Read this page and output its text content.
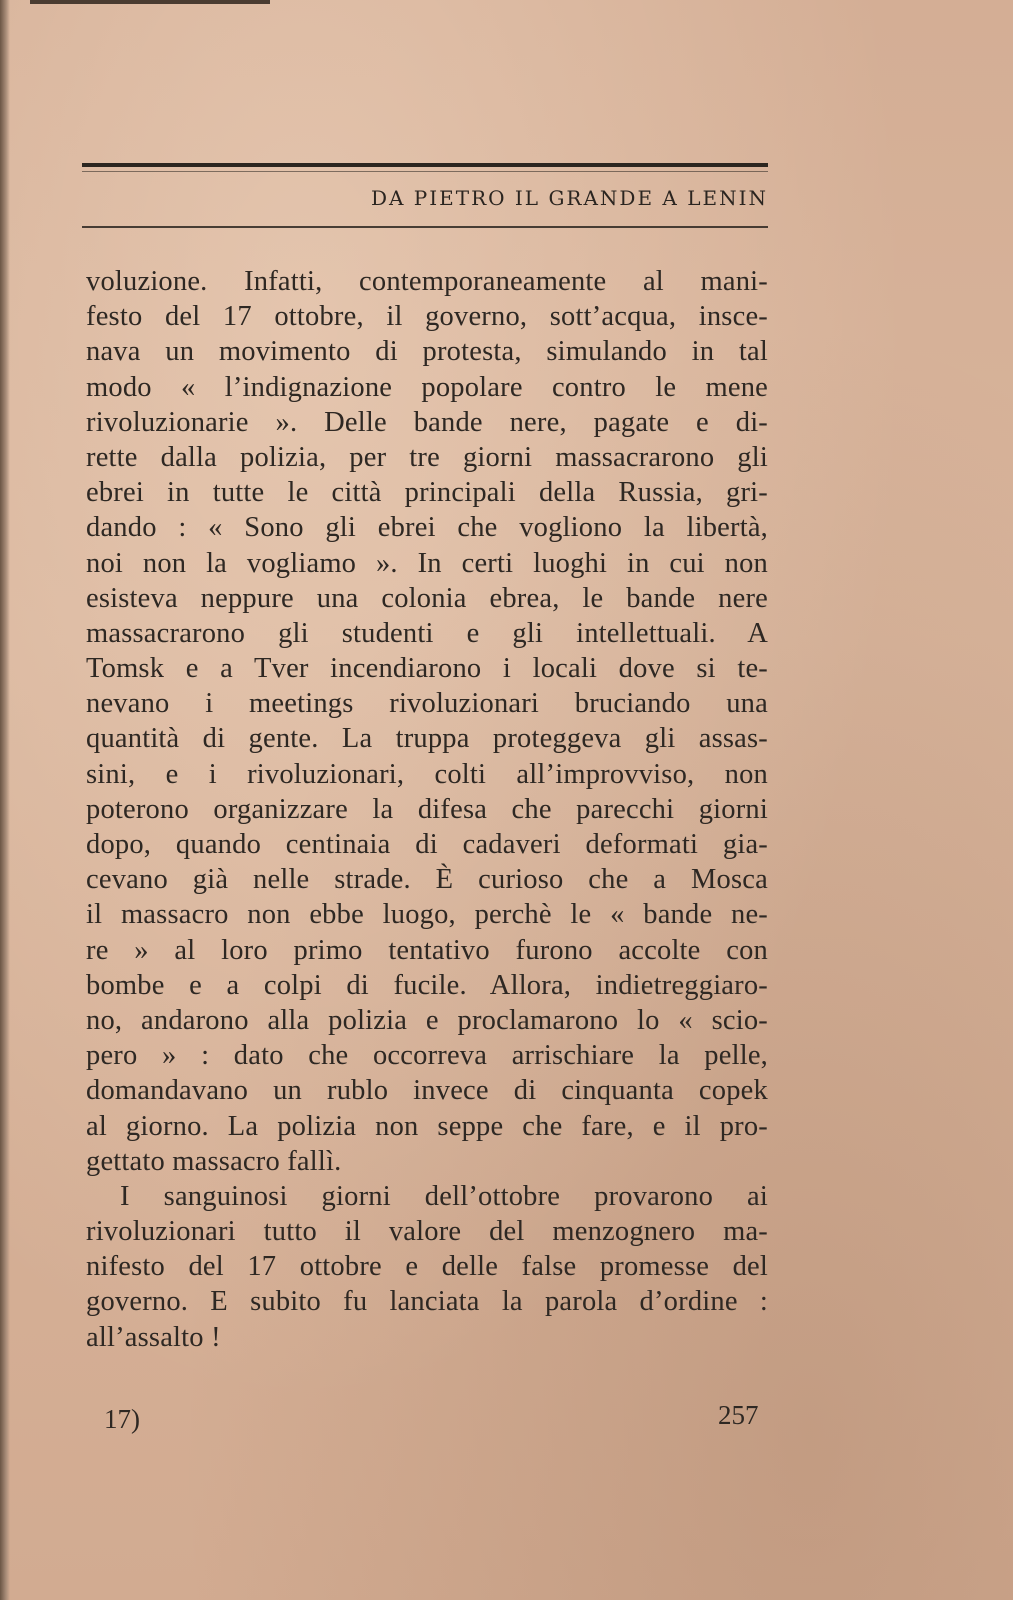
DA PIETRO IL GRANDE A LENIN
voluzione. Infatti, contemporaneamente al mani-
festo del 17 ottobre, il governo, sott’acqua, insce-
nava un movimento di protesta, simulando in tal
modo « l’indignazione popolare contro le mene
rivoluzionarie ». Delle bande nere, pagate e di-
rette dalla polizia, per tre giorni massacrarono gli
ebrei in tutte le città principali della Russia, gri-
dando : « Sono gli ebrei che vogliono la libertà,
noi non la vogliamo ». In certi luoghi in cui non
esisteva neppure una colonia ebrea, le bande nere
massacrarono gli studenti e gli intellettuali. A
Tomsk e a Tver incendiarono i locali dove si te-
nevano i meetings rivoluzionari bruciando una
quantità di gente. La truppa proteggeva gli assas-
sini, e i rivoluzionari, colti all’improvviso, non
poterono organizzare la difesa che parecchi giorni
dopo, quando centinaia di cadaveri deformati gia-
cevano già nelle strade. È curioso che a Mosca
il massacro non ebbe luogo, perchè le « bande ne-
re » al loro primo tentativo furono accolte con
bombe e a colpi di fucile. Allora, indietreggiaro-
no, andarono alla polizia e proclamarono lo « scio-
pero » : dato che occorreva arrischiare la pelle,
domandavano un rublo invece di cinquanta copek
al giorno. La polizia non seppe che fare, e il pro-
gettato massacro fallì.
I sanguinosi giorni dell’ottobre provarono ai
rivoluzionari tutto il valore del menzognero ma-
nifesto del 17 ottobre e delle false promesse del
governo. E subito fu lanciata la parola d’ordine :
all’assalto !
17)	257
